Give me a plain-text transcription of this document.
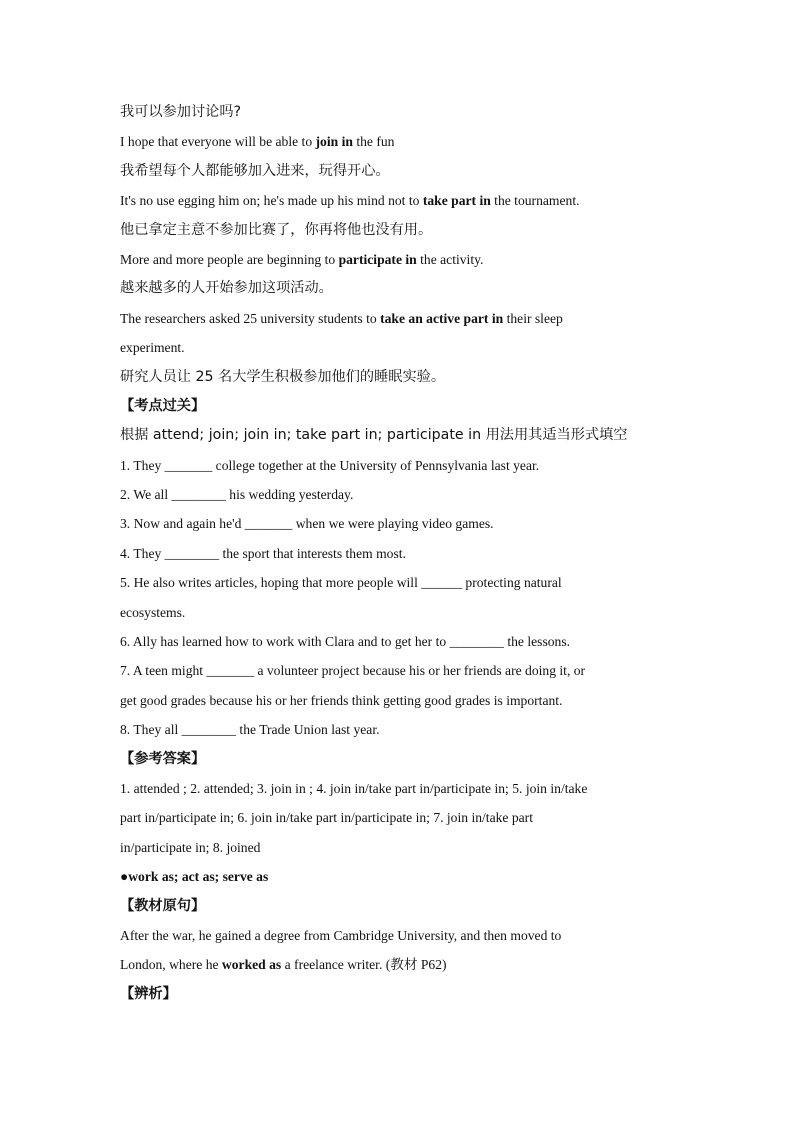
我可以参加讨论吗?
I hope that everyone will be able to join in the fun
我希望每个人都能够加入进来，玩得开心。
It's no use egging him on; he's made up his mind not to take part in the tournament.
他已拿定主意不参加比赛了，你再将他也没有用。
More and more people are beginning to participate in the activity.
越来越多的人开始参加这项活动。
The researchers asked 25 university students to take an active part in their sleep
experiment.
研究人员让 25 名大学生积极参加他们的睡眠实验。
【考点过关】
根据 attend; join; join in; take part in; participate in 用法用其适当形式填空
1. They _______ college together at the University of Pennsylvania last year.
2. We all ________ his wedding yesterday.
3. Now and again he'd _______ when we were playing video games.
4. They ________ the sport that interests them most.
5. He also writes articles, hoping that more people will ______ protecting natural
ecosystems.
6. Ally has learned how to work with Clara and to get her to ________ the lessons.
7. A teen might _______ a volunteer project because his or her friends are doing it, or
get good grades because his or her friends think getting good grades is important.
8. They all ________ the Trade Union last year.
【参考答案】
1. attended ; 2. attended; 3. join in ; 4. join in/take part in/participate in; 5. join in/take
part in/participate in; 6. join in/take part in/participate in; 7. join in/take part
in/participate in; 8. joined
●work as; act as; serve as
【教材原句】
After the war, he gained a degree from Cambridge University, and then moved to
London, where he worked as a freelance writer. (教材 P62)
【辨析】
